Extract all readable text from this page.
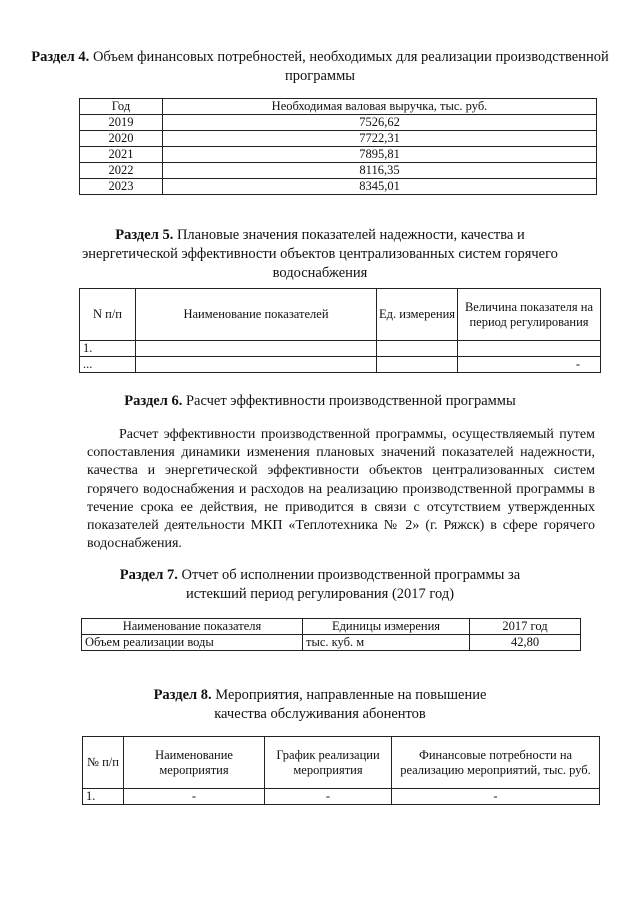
Раздел 4. Объем финансовых потребностей, необходимых для реализации производственной программы
Год	Необходимая валовая выручка, тыс. руб.
2019	7526,62
2020	7722,31
2021	7895,81
2022	8116,35
2023	8345,01
Раздел 5. Плановые значения показателей надежности, качества и энергетической эффективности объектов централизованных систем горячего водоснабжения
N п/п	Наименование показателей	Ед. измерения	Величина показателя на период регулирования
1.			
...			-
Раздел 6. Расчет эффективности производственной программы
Расчет эффективности производственной программы, осуществляемый путем сопоставления динамики изменения плановых значений показателей надежности, качества и энергетической эффективности объектов централизованных систем горячего водоснабжения и расходов на реализацию производственной программы в течение срока ее действия, не приводится в связи с отсутствием утвержденных показателей деятельности МКП «Теплотехника № 2» (г. Ряжск) в сфере горячего водоснабжения.
Раздел 7. Отчет об исполнении производственной программы за истекший период регулирования (2017 год)
Наименование показателя	Единицы измерения	2017 год
Объем реализации воды	тыс. куб. м	42,80
Раздел 8. Мероприятия, направленные на повышение качества обслуживания абонентов
№ п/п	Наименование мероприятия	График реализации мероприятия	Финансовые потребности на реализацию мероприятий, тыс. руб.
1.	-	-	-
